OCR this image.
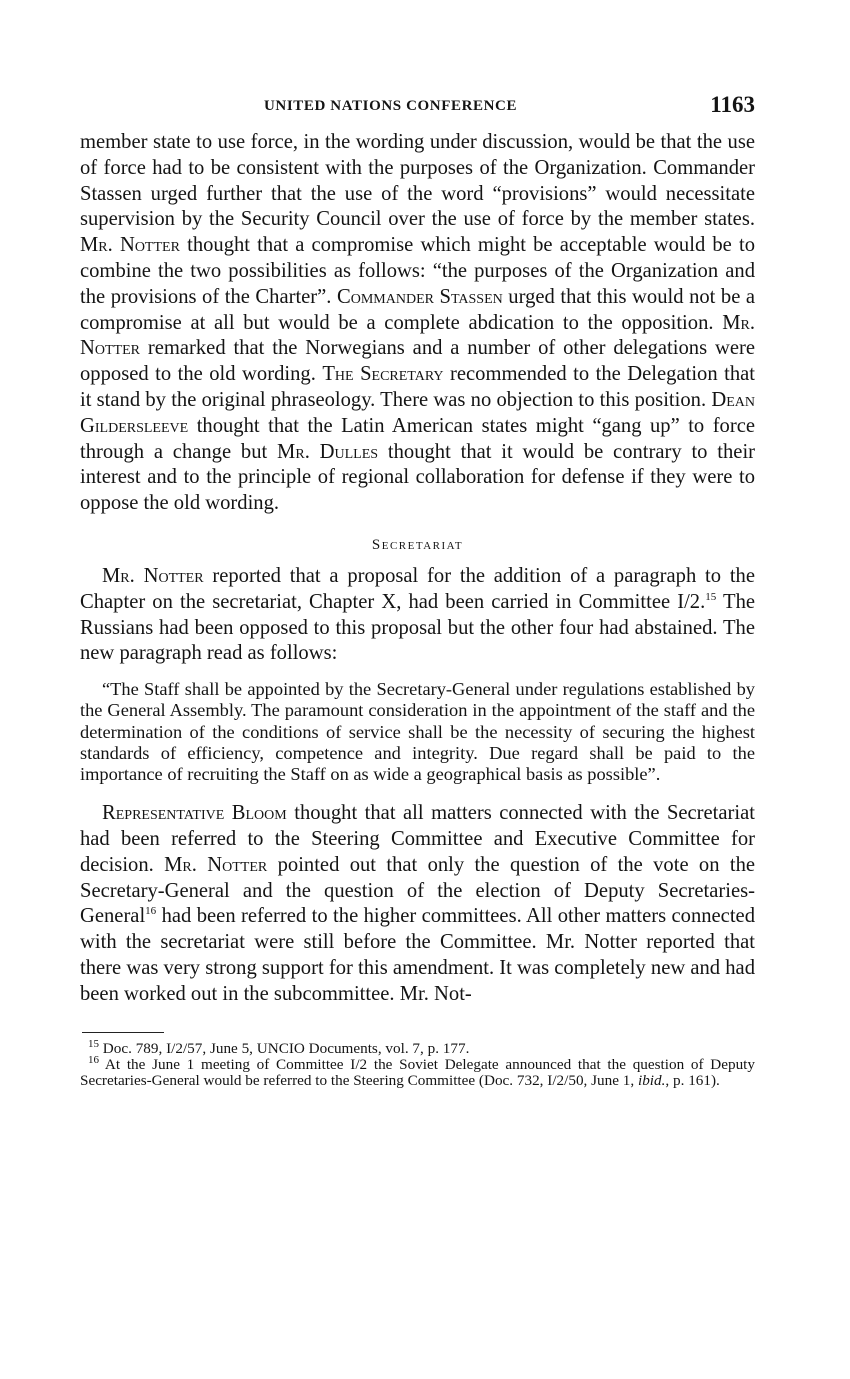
UNITED NATIONS CONFERENCE	1163

member state to use force, in the wording under discussion, would be that the use of force had to be consistent with the purposes of the Organization. Commander Stassen urged further that the use of the word “provisions” would necessitate supervision by the Security Council over the use of force by the member states. Mr. Notter thought that a compromise which might be acceptable would be to combine the two possibilities as follows: “the purposes of the Organization and the provisions of the Charter”. Commander Stassen urged that this would not be a compromise at all but would be a complete abdication to the opposition. Mr. Notter remarked that the Norwegians and a number of other delegations were opposed to the old wording. The Secretary recommended to the Delegation that it stand by the original phraseology. There was no objection to this position. Dean Gildersleeve thought that the Latin American states might “gang up” to force through a change but Mr. Dulles thought that it would be contrary to their interest and to the principle of regional collaboration for defense if they were to oppose the old wording.

Secretariat

Mr. Notter reported that a proposal for the addition of a paragraph to the Chapter on the secretariat, Chapter X, had been carried in Committee I/2.15 The Russians had been opposed to this proposal but the other four had abstained. The new paragraph read as follows:

“The Staff shall be appointed by the Secretary-General under regulations established by the General Assembly. The paramount consideration in the appointment of the staff and the determination of the conditions of service shall be the necessity of securing the highest standards of efficiency, competence and integrity. Due regard shall be paid to the importance of recruiting the Staff on as wide a geographical basis as possible”.

Representative Bloom thought that all matters connected with the Secretariat had been referred to the Steering Committee and Executive Committee for decision. Mr. Notter pointed out that only the question of the vote on the Secretary-General and the question of the election of Deputy Secretaries-General$^{16}$ had been referred to the higher committees. All other matters connected with the secretariat were still before the Committee. Mr. Notter reported that there was very strong support for this amendment. It was completely new and had been worked out in the subcommittee. Mr. Not-

$^{15}$ Doc. 789, I/2/57, June 5, UNCIO Documents, vol. 7, p. 177.

$^{16}$ At the June 1 meeting of Committee I/2 the Soviet Delegate announced that the question of Deputy Secretaries-General would be referred to the Steering Committee (Doc. 732, I/2/50, June 1, ibid., p. 161).
